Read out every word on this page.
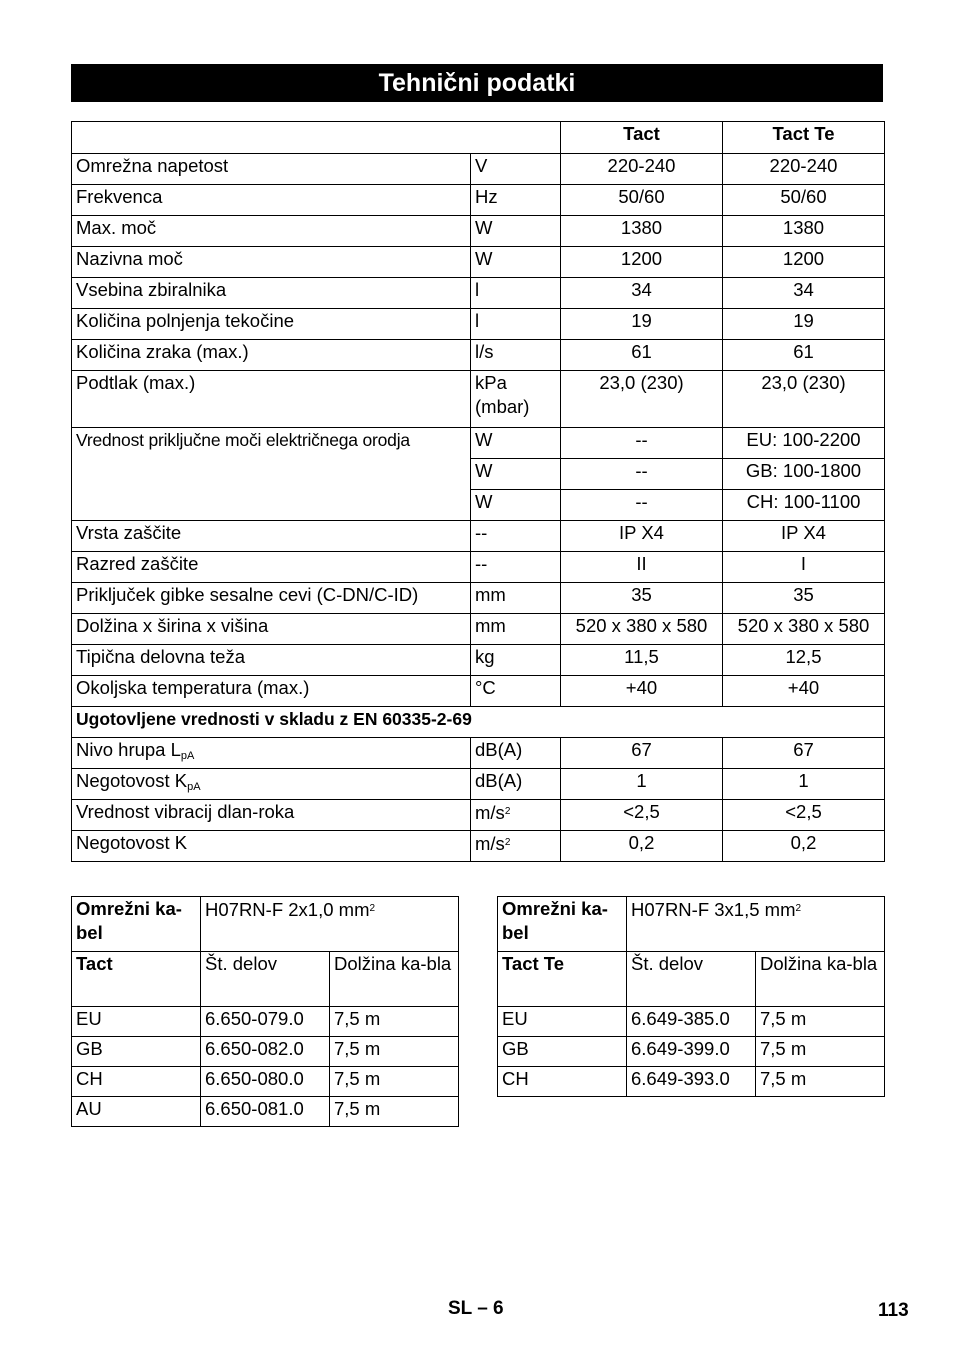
Tehnični podatki
		Tact	Tact Te
Omrežna napetost	V	220-240	220-240
Frekvenca	Hz	50/60	50/60
Max. moč	W	1380	1380
Nazivna moč	W	1200	1200
Vsebina zbiralnika	l	34	34
Količina polnjenja tekočine	l	19	19
Količina zraka (max.)	l/s	61	61
Podtlak (max.)	kPa (mbar)	23,0 (230)	23,0 (230)
Vrednost priključne moči električnega orodja	W	--	EU: 100-2200
	W	--	GB: 100-1800
	W	--	CH: 100-1100
Vrsta zaščite	--	IP X4	IP X4
Razred zaščite	--	II	I
Priključek gibke sesalne cevi (C-DN/C-ID)	mm	35	35
Dolžina x širina x višina	mm	520 x 380 x 580	520 x 380 x 580
Tipična delovna teža	kg	11,5	12,5
Okoljska temperatura (max.)	°C	+40	+40
Ugotovljene vrednosti v skladu z EN 60335-2-69			
Nivo hrupa $L_{pA}$	dB(A)	67	67
Negotovost $K_{pA}$	dB(A)	1	1
Vrednost vibracij dlan-roka	$m/s^2$	<2,5	<2,5
Negotovost K	$m/s^2$	0,2	0,2
Omrežni ka-bel	H07RN-F 2x1,0 $mm^2$
Tact	Št. delov	Dolžina ka-bla
EU	6.650-079.0	7,5 m
GB	6.650-082.0	7,5 m
CH	6.650-080.0	7,5 m
AU	6.650-081.0	7,5 m
Omrežni ka-bel	H07RN-F 3x1,5 $mm^2$
Tact Te	Št. delov	Dolžina ka-bla
EU	6.649-385.0	7,5 m
GB	6.649-399.0	7,5 m
CH	6.649-393.0	7,5 m
SL – 6	113
